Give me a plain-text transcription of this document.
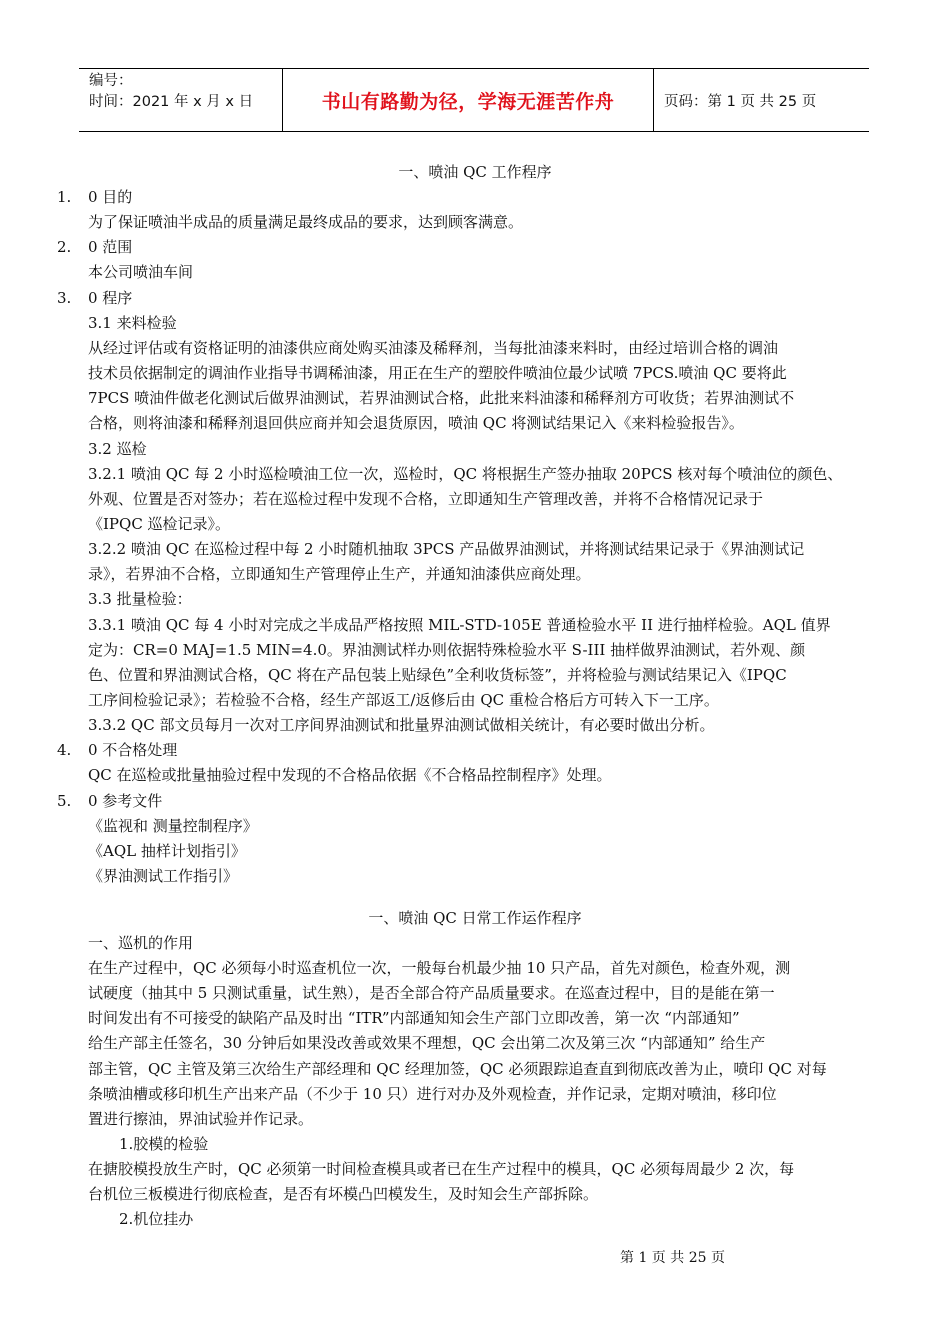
编号：
时间：2021 年 x 月 x 日	书山有路勤为径，学海无涯苦作舟	页码：第 1 页 共 25 页
一、喷油 QC 工作程序
1. 0 目的
为了保证喷油半成品的质量满足最终成品的要求，达到顾客满意。
2. 0 范围
本公司喷油车间
3. 0 程序
3.1 来料检验
从经过评估或有资格证明的油漆供应商处购买油漆及稀释剂，当每批油漆来料时，由经过培训合格的调油
技术员依据制定的调油作业指导书调稀油漆，用正在生产的塑胶件喷油位最少试喷 7PCS.喷油 QC 要将此
7PCS 喷油件做老化测试后做界油测试，若界油测试合格，此批来料油漆和稀释剂方可收货；若界油测试不
合格，则将油漆和稀释剂退回供应商并知会退货原因，喷油 QC 将测试结果记入《来料检验报告》。
3.2 巡检
3.2.1 喷油 QC 每 2 小时巡检喷油工位一次，巡检时，QC 将根据生产签办抽取 20PCS 核对每个喷油位的颜色、
外观、位置是否对签办；若在巡检过程中发现不合格，立即通知生产管理改善，并将不合格情况记录于
《IPQC 巡检记录》。
3.2.2 喷油 QC 在巡检过程中每 2 小时随机抽取 3PCS 产品做界油测试，并将测试结果记录于《界油测试记
录》，若界油不合格，立即通知生产管理停止生产，并通知油漆供应商处理。
3.3 批量检验：
3.3.1 喷油 QC 每 4 小时对完成之半成品严格按照 MIL-STD-105E 普通检验水平 II 进行抽样检验。AQL 值界
定为：CR=0 MAJ=1.5 MIN=4.0。界油测试样办则依据特殊检验水平 S-III 抽样做界油测试，若外观、颜
色、位置和界油测试合格，QC 将在产品包装上贴绿色”全利收货标签”，并将检验与测试结果记入《IPQC
工序间检验记录》；若检验不合格，经生产部返工/返修后由 QC 重检合格后方可转入下一工序。
3.3.2 QC 部文员每月一次对工序间界油测试和批量界油测试做相关统计，有必要时做出分析。
4. 0 不合格处理
QC 在巡检或批量抽验过程中发现的不合格品依据《不合格品控制程序》处理。
5. 0 参考文件
《监视和 测量控制程序》
《AQL 抽样计划指引》
《界油测试工作指引》
一、喷油 QC 日常工作运作程序
一、巡机的作用
在生产过程中，QC 必须每小时巡查机位一次，一般每台机最少抽 10 只产品，首先对颜色，检查外观，测
试硬度（抽其中 5 只测试重量，试生熟），是否全部合符产品质量要求。在巡查过程中，目的是能在第一
时间发出有不可接受的缺陷产品及时出 “ITR”内部通知知会生产部门立即改善，第一次 “内部通知”
给生产部主任签名，30 分钟后如果没改善或效果不理想，QC 会出第二次及第三次 “内部通知” 给生产
部主管，QC 主管及第三次给生产部经理和 QC 经理加签，QC 必须跟踪追查直到彻底改善为止，喷印 QC 对每
条喷油槽或移印机生产出来产品（不少于 10 只）进行对办及外观检查，并作记录，定期对喷油，移印位
置进行擦油，界油试验并作记录。
1.胶模的检验
在搪胶模投放生产时，QC 必须第一时间检查模具或者已在生产过程中的模具，QC 必须每周最少 2 次，每
台机位三板模进行彻底检查，是否有坏模凸凹模发生，及时知会生产部拆除。
2.机位挂办
第 1 页 共 25 页
